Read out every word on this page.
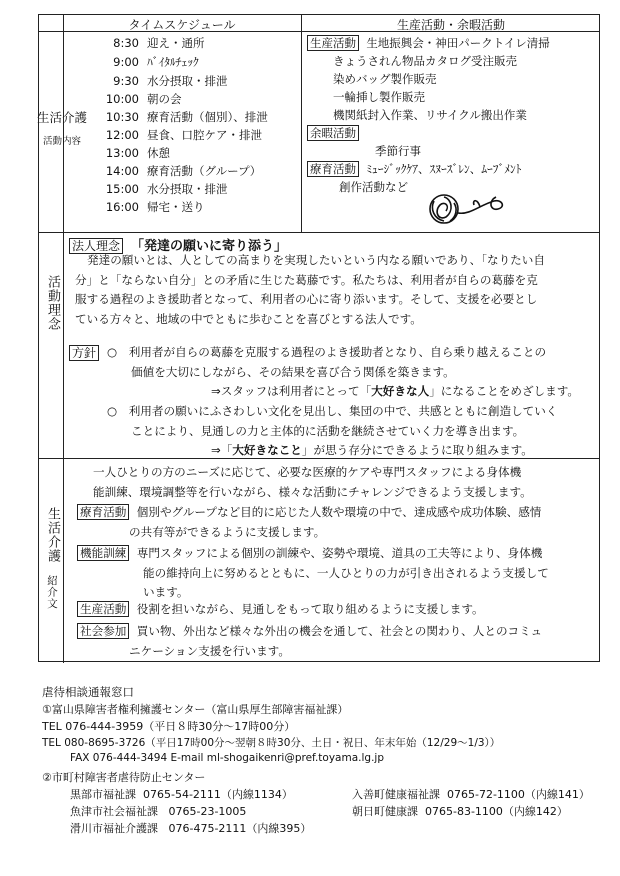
タイムスケジュール	生産活動・余暇活動
生活介護
活動内容
8:30 迎え・通所
9:00 ﾊﾞｲﾀﾙﾁｪｯｸ
9:30 水分摂取・排泄
10:00 朝の会
10:30 療育活動（個別）、排泄
12:00 昼食、口腔ケア・排泄
13:00 休憩
14:00 療育活動（グループ）
15:00 水分摂取・排泄
16:00 帰宅・送り
生産活動 生地振興会・神田パークトイレ清掃
きょうされん物品カタログ受注販売
染めバッグ製作販売
一輪挿し製作販売
機関紙封入作業、リサイクル搬出作業
余暇活動
季節行事
療育活動 ﾐｭｰｼﾞｯｸｹｱ、ｽﾇｰｽﾞﾚﾝ、ﾑｰﾌﾞﾒﾝﾄ
創作活動など
活動理念
法人理念 「発達の願いに寄り添う」
発達の願いとは、人としての高まりを実現したいという内なる願いであり、「なりたい自
分」と「ならない自分」との矛盾に生じた葛藤です。私たちは、利用者が自らの葛藤を克
服する過程のよき援助者となって、利用者の心に寄り添います。そして、支援を必要とし
ている方々と、地域の中でともに歩むことを喜びとする法人です。
方針 ○　利用者が自らの葛藤を克服する過程のよき援助者となり、自ら乗り越えることの
価値を大切にしながら、その結果を喜び合う関係を築きます。
⇒スタッフは利用者にとって「大好きな人」になることをめざします。
○　利用者の願いにふさわしい文化を見出し、集団の中で、共感とともに創造していく
ことにより、見通しの力と主体的に活動を継続させていく力を導き出ます。
⇒「大好きなこと」が思う存分にできるように取り組みます。
生活介護
紹介文
一人ひとりの方のニーズに応じて、必要な医療的ケアや専門スタッフによる身体機
能訓練、環境調整等を行いながら、様々な活動にチャレンジできるよう支援します。
療育活動 個別やグループなど目的に応じた人数や環境の中で、達成感や成功体験、感情
の共有等ができるように支援します。
機能訓練 専門スタッフによる個別の訓練や、姿勢や環境、道具の工夫等により、身体機
能の維持向上に努めるとともに、一人ひとりの力が引き出されるよう支援して
います。
生産活動 役割を担いながら、見通しをもって取り組めるように支援します。
社会参加 買い物、外出など様々な外出の機会を通して、社会との関わり、人とのコミュ
ニケーション支援を行います。
虐待相談通報窓口
①富山県障害者権利擁護センター（富山県厚生部障害福祉課）
TEL 076-444-3959（平日８時30分～17時00分）
TEL 080-8695-3726（平日17時00分～翌朝８時30分、土日・祝日、年末年始（12/29～1/3））
FAX 076-444-3494 E-mail ml-shogaikenri@pref.toyama.lg.jp
②市町村障害者虐待防止センター
黒部市福祉課 0765-54-2111（内線1134）	入善町健康福祉課 0765-72-1100（内線141）
魚津市社会福祉課 0765-23-1005	朝日町健康課 0765-83-1100（内線142）
滑川市福祉介護課 076-475-2111（内線395）
